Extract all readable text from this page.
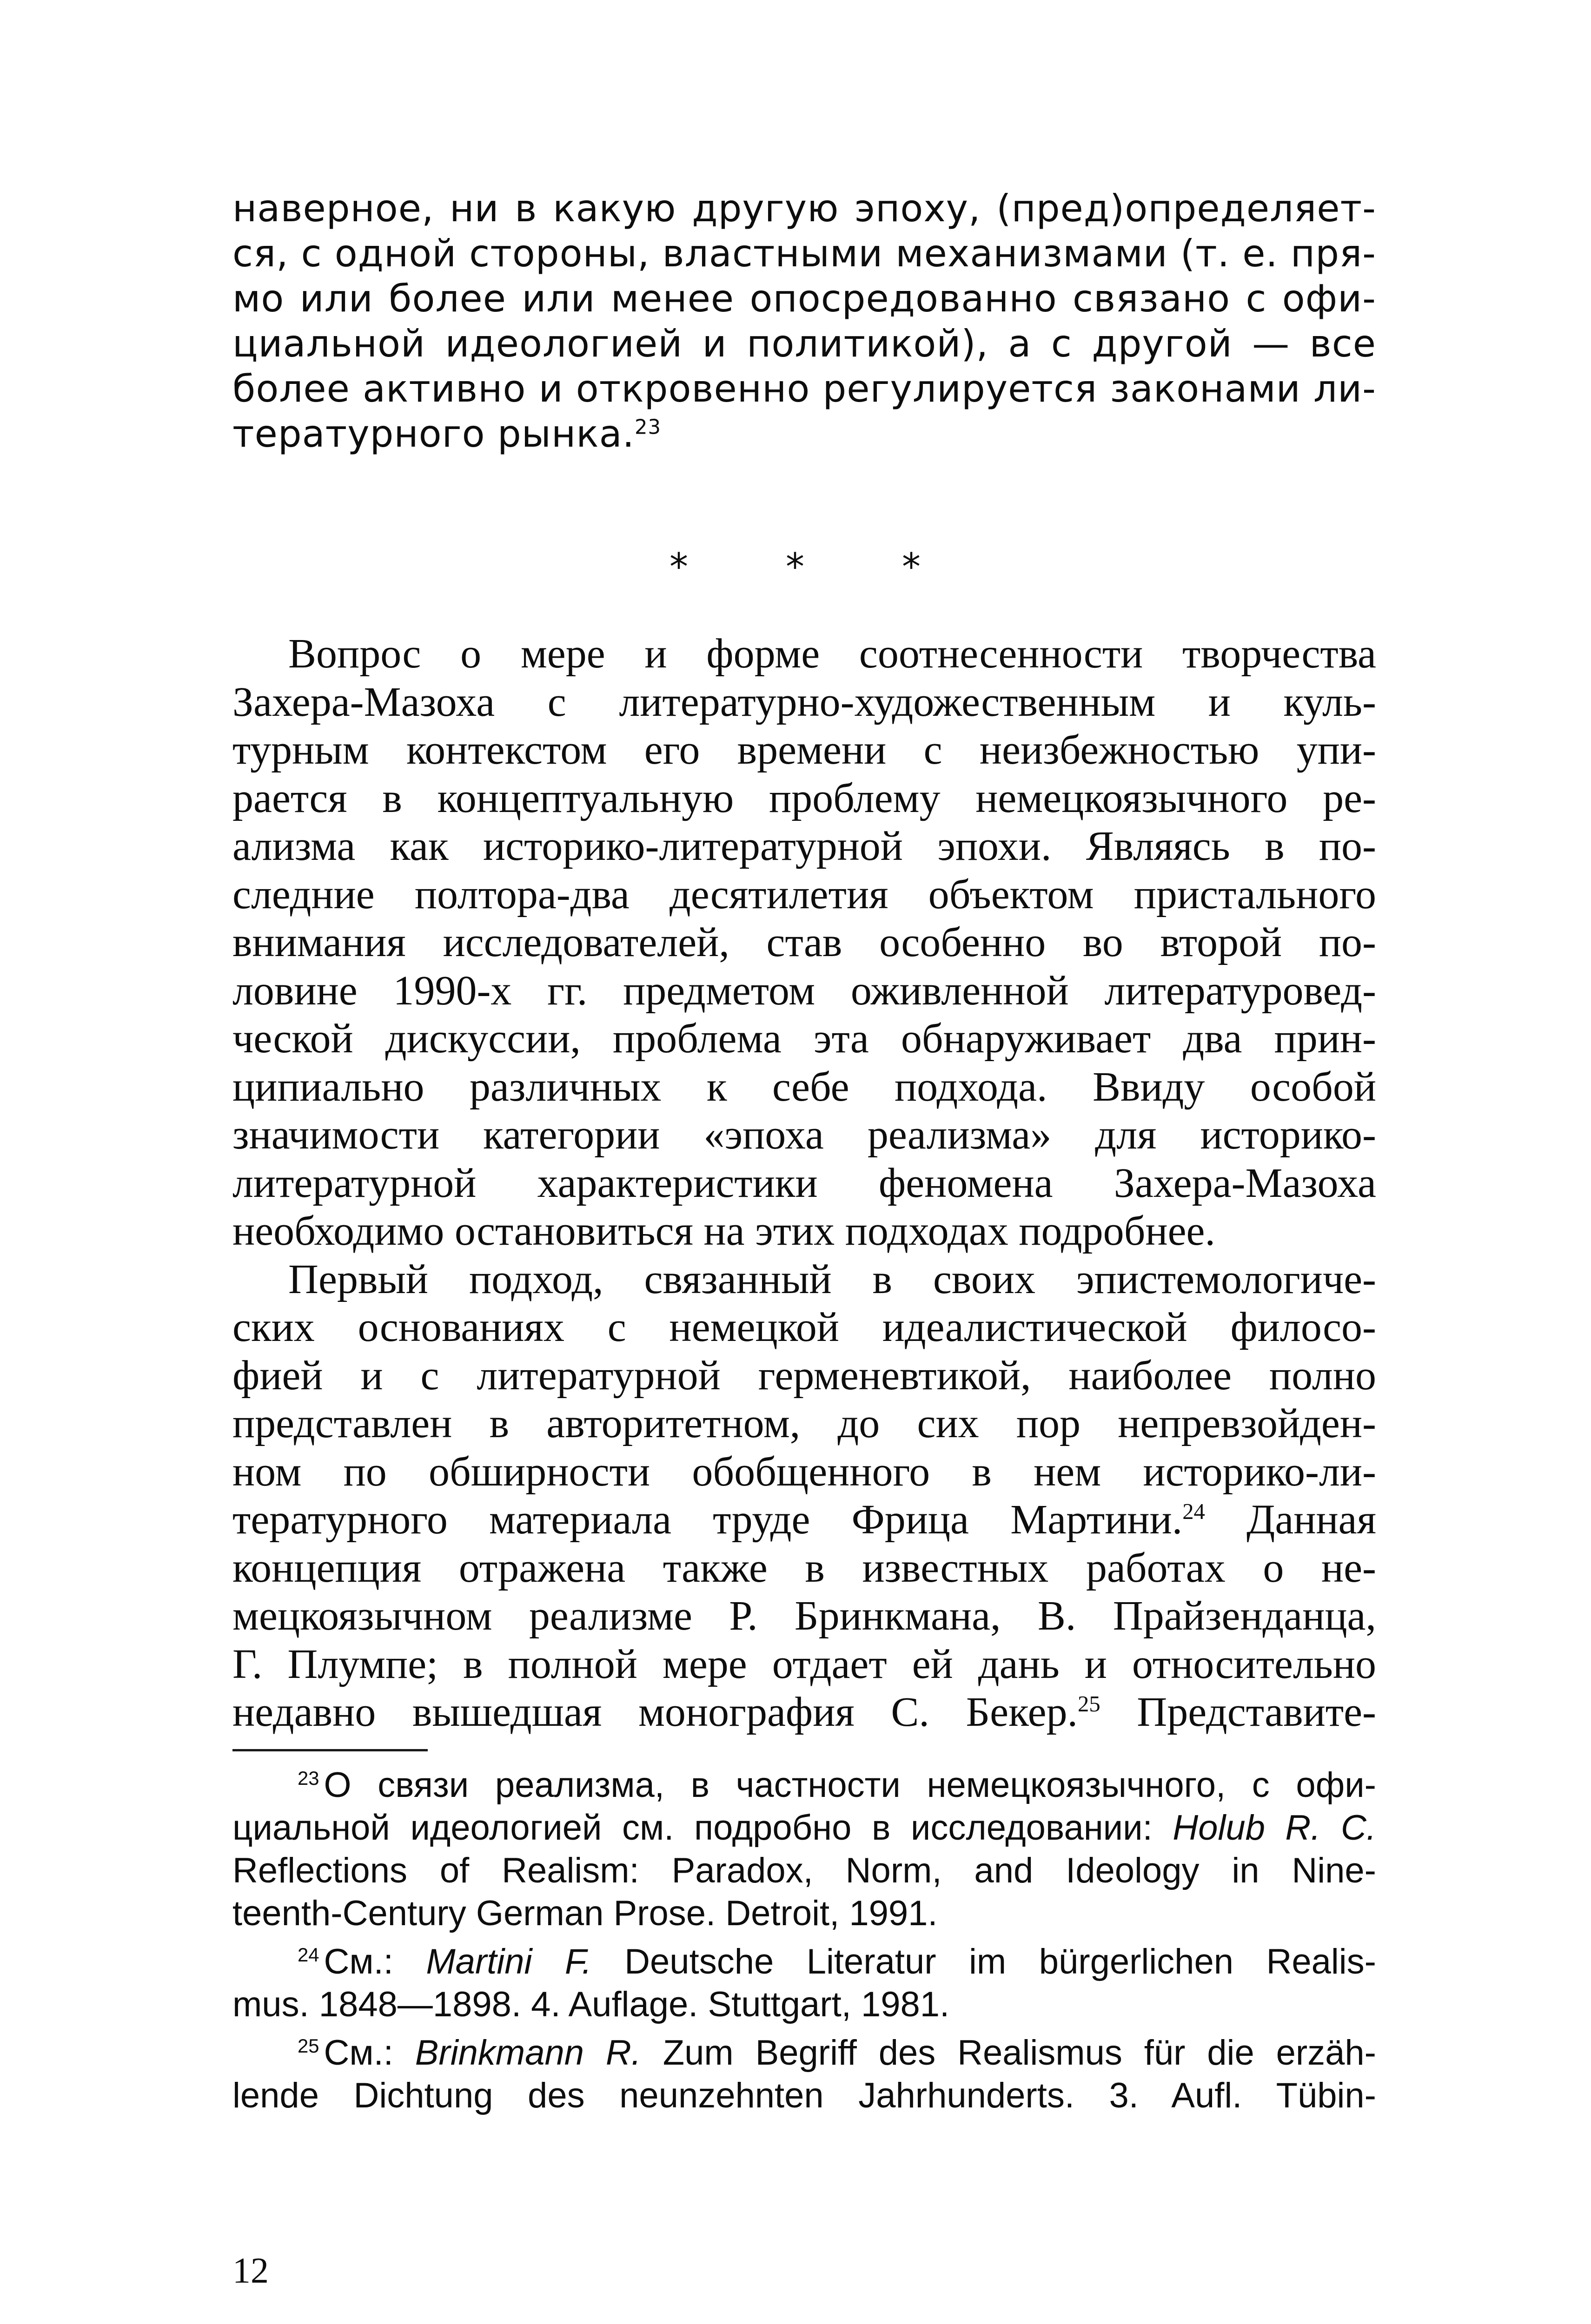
наверное, ни в какую другую эпоху, (пред)определяет-
ся, с одной стороны, властными механизмами (т. е. пря-
мо или более или менее опосредованно связано с офи-
циальной идеологией и политикой), а с другой — все
более активно и откровенно регулируется законами ли-
тературного рынка.$^{23}$
*	*	*
Вопрос о мере и форме соотнесенности творчества
Захера-Мазоха с литературно-художественным и куль-
турным контекстом его времени с неизбежностью упи-
рается в концептуальную проблему немецкоязычного ре-
ализма как историко-литературной эпохи. Являясь в по-
следние полтора-два десятилетия объектом пристального
внимания исследователей, став особенно во второй по-
ловине 1990-х гг. предметом оживленной литературовед-
ческой дискуссии, проблема эта обнаруживает два прин-
ципиально различных к себе подхода. Ввиду особой
значимости категории «эпоха реализма» для историко-
литературной характеристики феномена Захера-Мазоха
необходимо остановиться на этих подходах подробнее.
Первый подход, связанный в своих эпистемологиче-
ских основаниях с немецкой идеалистической филосо-
фией и с литературной герменевтикой, наиболее полно
представлен в авторитетном, до сих пор непревзойден-
ном по обширности обобщенного в нем историко-ли-
тературного материала труде Фрица Мартини.$^{24}$ Данная
концепция отражена также в известных работах о не-
мецкоязычном реализме Р. Бринкмана, В. Прайзенданца,
Г. Плумпе; в полной мере отдает ей дань и относительно
недавно вышедшая монография С. Бекер.$^{25}$ Представите-
$^{23}$ О связи реализма, в частности немецкоязычного, с офи-
циальной идеологией см. подробно в исследовании: Holub R. C.
Reflections of Realism: Paradox, Norm, and Ideology in Nine-
teenth-Century German Prose. Detroit, 1991.
$^{24}$ См.: Martini F. Deutsche Literatur im bürgerlichen Realis-
mus. 1848—1898. 4. Auflage. Stuttgart, 1981.
$^{25}$ См.: Brinkmann R. Zum Begriff des Realismus für die erzäh-
lende Dichtung des neunzehnten Jahrhunderts. 3. Aufl. Tübin-
12
